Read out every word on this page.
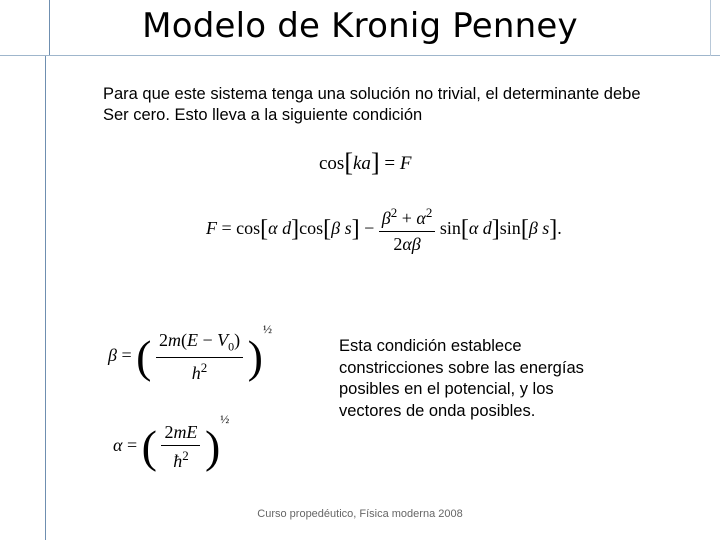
Modelo de Kronig Penney
Para que este sistema tenga una solución no trivial, el determinante debe
Ser cero. Esto lleva a la siguiente condición
cos[ka] = F
F = cos[α d]cos[β $s] - \frac{\beta^2 + \alpha^2}{2\alpha\beta} \sin[\alpha$ d]sin[β s].
β = ( $\frac{2m(E - V_0)}{h^2} )^{\frac{1}{2}}$
α = ( $\frac{2mE}{ħ^2} )^{\frac{1}{2}}$
Esta condición establece
constricciones sobre las energías
posibles en el potencial, y los
vectores de onda posibles.
Curso propedéutico, Física moderna 2008
